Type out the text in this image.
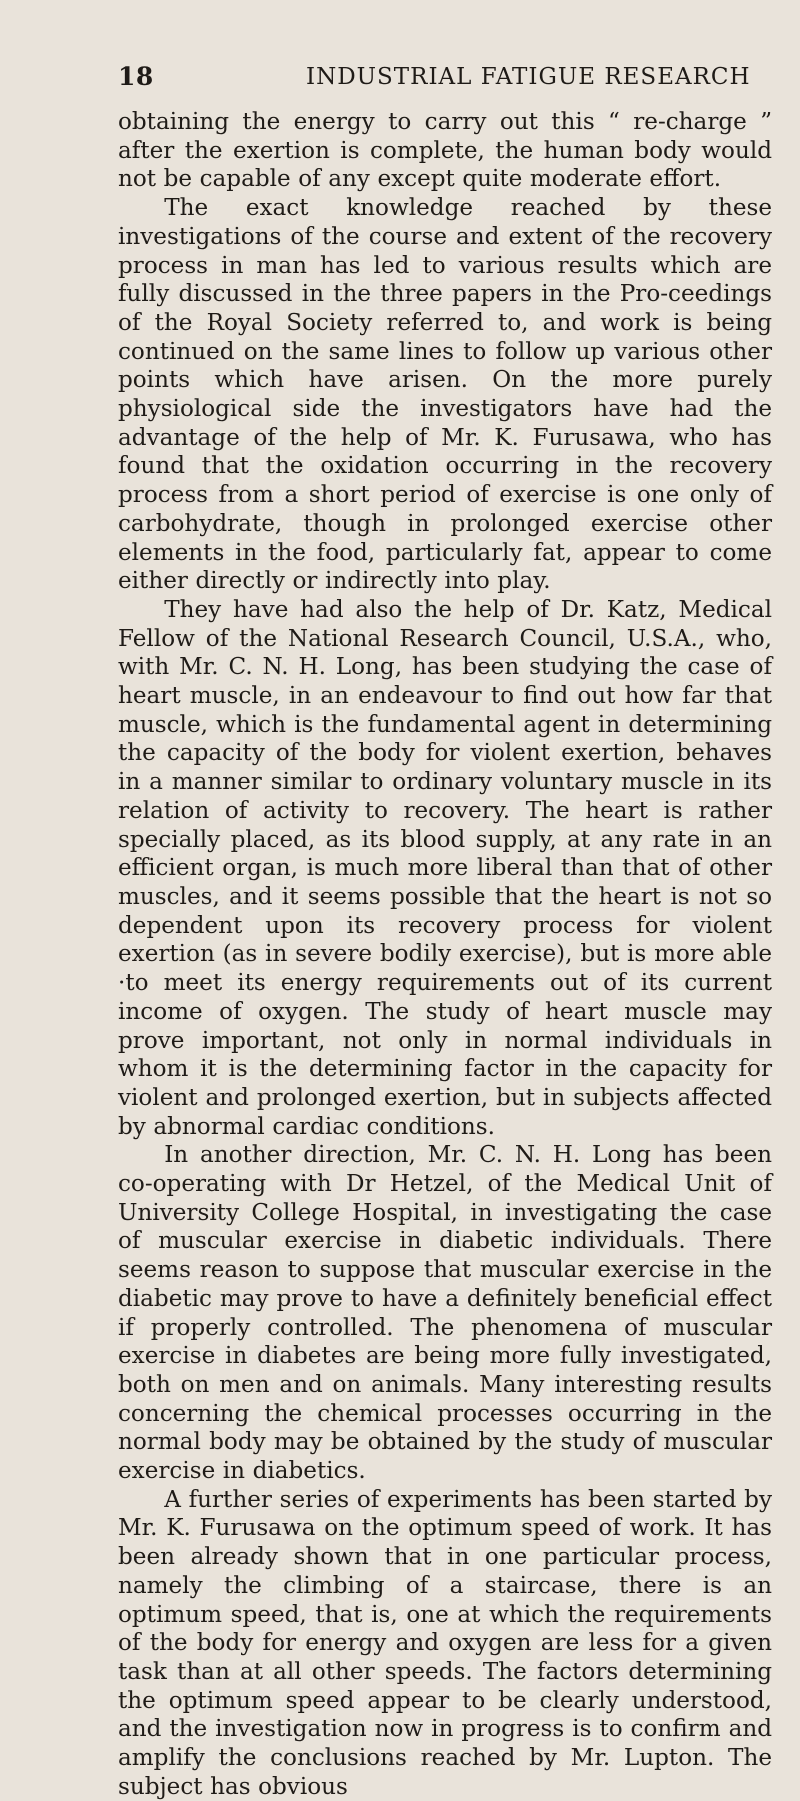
18	INDUSTRIAL FATIGUE RESEARCH

obtaining the energy to carry out this “ re-charge ” after the exertion is complete, the human body would not be capable of any except quite moderate effort.

The exact knowledge reached by these investigations of the course and extent of the recovery process in man has led to various results which are fully discussed in the three papers in the Pro-ceedings of the Royal Society referred to, and work is being continued on the same lines to follow up various other points which have arisen. On the more purely physiological side the investigators have had the advantage of the help of Mr. K. Furusawa, who has found that the oxidation occurring in the recovery process from a short period of exercise is one only of carbohydrate, though in prolonged exercise other elements in the food, particularly fat, appear to come either directly or indirectly into play.

They have had also the help of Dr. Katz, Medical Fellow of the National Research Council, U.S.A., who, with Mr. C. N. H. Long, has been studying the case of heart muscle, in an endeavour to find out how far that muscle, which is the fundamental agent in determining the capacity of the body for violent exertion, behaves in a manner similar to ordinary voluntary muscle in its relation of activity to recovery. The heart is rather specially placed, as its blood supply, at any rate in an efficient organ, is much more liberal than that of other muscles, and it seems possible that the heart is not so dependent upon its recovery process for violent exertion (as in severe bodily exercise), but is more able ·to meet its energy requirements out of its current income of oxygen. The study of heart muscle may prove important, not only in normal individuals in whom it is the determining factor in the capacity for violent and prolonged exertion, but in subjects affected by abnormal cardiac conditions.

In another direction, Mr. C. N. H. Long has been co-operating with Dr Hetzel, of the Medical Unit of University College Hospital, in investigating the case of muscular exercise in diabetic individuals. There seems reason to suppose that muscular exercise in the diabetic may prove to have a definitely beneficial effect if properly controlled. The phenomena of muscular exercise in diabetes are being more fully investigated, both on men and on animals. Many interesting results concerning the chemical processes occurring in the normal body may be obtained by the study of muscular exercise in diabetics.

A further series of experiments has been started by Mr. K. Furusawa on the optimum speed of work. It has been already shown that in one particular process, namely the climbing of a staircase, there is an optimum speed, that is, one at which the requirements of the body for energy and oxygen are less for a given task than at all other speeds. The factors determining the optimum speed appear to be clearly understood, and the investigation now in progress is to confirm and amplify the conclusions reached by Mr. Lupton. The subject has obvious
